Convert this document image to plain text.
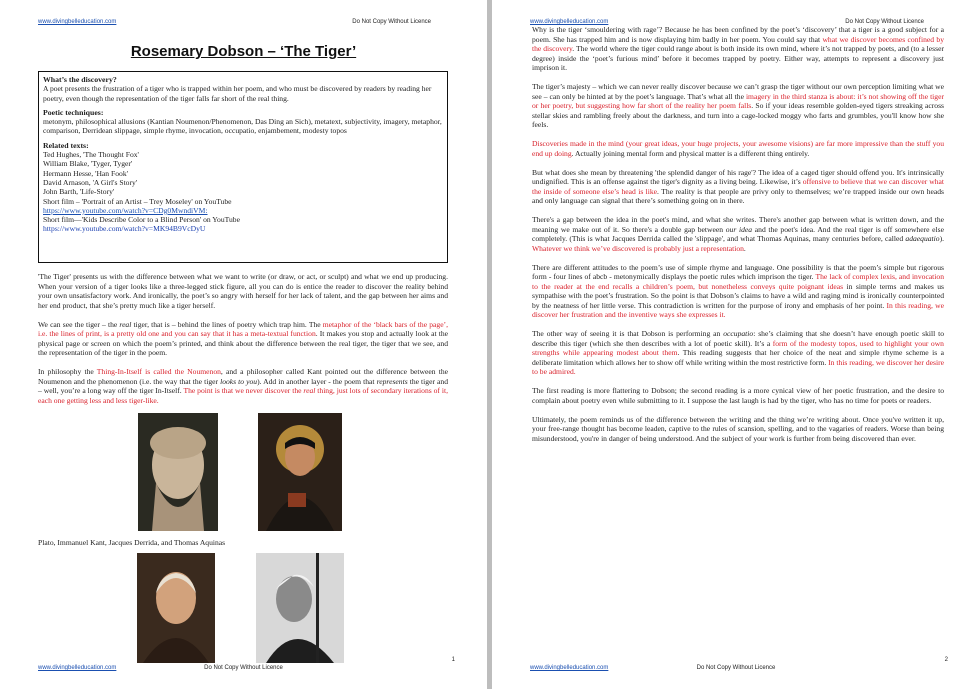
www.divingbelleducation.com	Do Not Copy Without Licence
Rosemary Dobson – ‘The Tiger’
What’s the discovery?

A poet presents the frustration of a tiger who is trapped within her poem, and who must be discovered by readers by reading her poetry, even though the representation of the tiger falls far short of the real thing.

Poetic techniques:

metonym, philosophical allusions (Kantian Noumenon/Phenomenon, Das Ding an Sich), metatext, subjectivity, imagery, metaphor, comparison, Derridean slippage, simple rhyme, invocation, occupatio, enjambement, modesty topos

Related texts:
Ted Hughes, 'The Thought Fox'
William Blake, 'Tyger, Tyger'
Hermann Hesse, 'Han Fook'
David Arnason, 'A Girl's Story'
John Barth, 'Life-Story'
Short film – 'Portrait of an Artist – Trey Moseley' on YouTube
https://www.youtube.com/watch?v=CDg0MwndiVM:
Short film—'Kids Describe Color to a Blind Person' on YouTube
https://www.youtube.com/watch?v=MK94B9VcDyU

'The Tiger' presents us with the difference between what we want to write (or draw, or act, or sculpt) and what we end up producing. When your version of a tiger looks like a three-legged stick figure, all you can do is entice the reader to discover the reality behind your own unsatisfactory work. And ironically, the poet’s so angry with herself for her lack of talent, and the gap between her aims and her end product, that she’s pretty much like a tiger herself.

We can see the tiger – the real tiger, that is – behind the lines of poetry which trap him. The metaphor of the ‘black bars of the page’, i.e. the lines of print, is a pretty old one and you can say that it has a meta-textual function. It makes you stop and actually look at the physical page or screen on which the poem’s printed, and think about the difference between the real tiger, the tiger that we see, and the representation of the tiger in the poem.

In philosophy the Thing-In-Itself is called the Noumenon, and a philosopher called Kant pointed out the difference between the Noumenon and the phenomenon (i.e. the way that the tiger looks to you). Add in another layer - the poem that represents the tiger and – well, you’re a long way off the tiger In-Itself. The point is that we never discover the real thing, just lots of secondary iterations of it, each one getting less and less tiger-like.

Plato, Immanuel Kant, Jacques Derrida, and Thomas Aquinas
1
www.divingbelleducation.com	Do Not Copy Without Licence
www.divingbelleducation.com	Do Not Copy Without Licence

Why is the tiger ‘smouldering with rage’? Because he has been confined by the poet’s ‘discovery’ that a tiger is a good subject for a poem. She has trapped him and is now displaying him badly in her poem. You could say that what we discover becomes confined by the discovery. The world where the tiger could range about is both inside its own mind, where it’s not trapped by poets, and (to a lesser degree) inside the ‘poet’s furious mind’ before it becomes trapped by poetry. Either way, attempts to represent a discovery just imprison it.

The tiger’s majesty – which we can never really discover because we can’t grasp the tiger without our own perception limiting what we see – can only be hinted at by the poet’s language. That’s what all the imagery in the third stanza is about: it’s not showing off the tiger or her poetry, but suggesting how far short of the reality her poem falls. So if your ideas resemble golden-eyed tigers streaking across stellar skies and rambling freely about the darkness, and turn into a cage-locked moggy who farts and grumbles, you'll know how she feels.

Discoveries made in the mind (your great ideas, your huge projects, your awesome visions) are far more impressive than the stuff you end up doing. Actually joining mental form and physical matter is a different thing entirely.

But what does she mean by threatening 'the splendid danger of his rage'? The idea of a caged tiger should offend you. It's intrinsically undignified. This is an offense against the tiger's dignity as a living being. Likewise, it’s offensive to believe that we can discover what the inside of someone else’s head is like. The reality is that people are privy only to themselves; we’re trapped inside our own heads and only language can signal that there’s something going on in there.

There's a gap between the idea in the poet's mind, and what she writes. There's another gap between what is written down, and the meaning we make out of it. So there's a double gap between our idea and the poet's idea. And the real tiger is off somewhere else completely. (This is what Jacques Derrida called the 'slippage', and what Thomas Aquinas, many centuries before, called adaequatio). Whatever we think we’ve discovered is probably just a representation.

There are different attitudes to the poem’s use of simple rhyme and language. One possibility is that the poem’s simple but rigorous form - four lines of abcb - metonymically displays the poetic rules which imprison the tiger. The lack of complex lexis, and invocation to the reader at the end recalls a children’s poem, but nonetheless conveys quite poignant ideas in simple terms and makes us sympathise with the poet’s frustration. So the point is that Dobson’s claims to have a wild and raging mind is ironically counterpointed by the neatness of her little verse. This contradiction is written for the purpose of irony and emphasis of her point. In this reading, we discover her frustration and the inventive ways she expresses it.

The other way of seeing it is that Dobson is performing an occupatio: she’s claiming that she doesn’t have enough poetic skill to describe this tiger (which she then describes with a lot of poetic skill). It’s a form of the modesty topos, used to highlight your own strengths while appearing modest about them. This reading suggests that her choice of the neat and simple rhyme scheme is a deliberate limitation which allows her to show off while writing within the most restrictive form. In this reading, we discover her desire to be admired.

The first reading is more flattering to Dobson; the second reading is a more cynical view of her poetic frustration, and the desire to complain about poetry even while submitting to it. I suppose the last laugh is had by the tiger, who has no time for poets or readers.

Ultimately, the poem reminds us of the difference between the writing and the thing we’re writing about. Once you've written it up, your free-range thought has become leaden, captive to the rules of scansion, spelling, and to the vagaries of readers. Worse than being misunderstood, you're in danger of being understood. And the subject of your work is further from being discovered than ever.

2
www.divingbelleducation.com	Do Not Copy Without Licence
